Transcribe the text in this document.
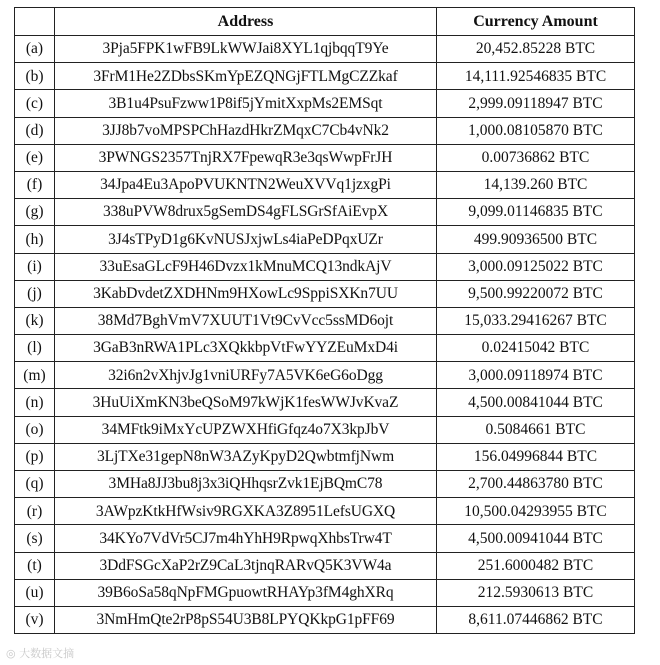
	Address	Currency Amount
(a)	3Pja5FPK1wFB9LkWWJai8XYL1qjbqqT9Ye	20,452.85228 BTC
(b)	3FrM1He2ZDbsSKmYpEZQNGjFTLMgCZZkaf	14,111.92546835 BTC
(c)	3B1u4PsuFzww1P8if5jYmitXxpMs2EMSqt	2,999.09118947 BTC
(d)	3JJ8b7voMPSPChHazdHkrZMqxC7Cb4vNk2	1,000.08105870 BTC
(e)	3PWNGS2357TnjRX7FpewqR3e3qsWwpFrJH	0.00736862 BTC
(f)	34Jpa4Eu3ApoPVUKNTN2WeuXVVq1jzxgPi	14,139.260 BTC
(g)	338uPVW8drux5gSemDS4gFLSGrSfAiEvpX	9,099.01146835 BTC
(h)	3J4sTPyD1g6KvNUSJxjwLs4iaPeDPqxUZr	499.90936500 BTC
(i)	33uEsaGLcF9H46Dvzx1kMnuMCQ13ndkAjV	3,000.09125022 BTC
(j)	3KabDvdetZXDHNm9HXowLc9SppiSXKn7UU	9,500.99220072 BTC
(k)	38Md7BghVmV7XUUT1Vt9CvVcc5ssMD6ojt	15,033.29416267 BTC
(l)	3GaB3nRWA1PLc3XQkkbpVtFwYYZEuMxD4i	0.02415042 BTC
(m)	32i6n2vXhjvJg1vniURFy7A5VK6eG6oDgg	3,000.09118974 BTC
(n)	3HuUiXmKN3beQSoM97kWjK1fesWWJvKvaZ	4,500.00841044 BTC
(o)	34MFtk9iMxYcUPZWXHfiGfqz4o7X3kpJbV	0.5084661 BTC
(p)	3LjTXe31gepN8nW3AZyKpyD2QwbtmfjNwm	156.04996844 BTC
(q)	3MHa8JJ3bu8j3x3iQHhqsrZvk1EjBQmC78	2,700.44863780 BTC
(r)	3AWpzKtkHfWsiv9RGXKA3Z8951LefsUGXQ	10,500.04293955 BTC
(s)	34KYo7VdVr5CJ7m4hYhH9RpwqXhbsTrw4T	4,500.00941044 BTC
(t)	3DdFSGcXaP2rZ9CaL3tjnqRARvQ5K3VW4a	251.6000482 BTC
(u)	39B6oSa58qNpFMGpuowtRHAYp3fM4ghXRq	212.5930613 BTC
(v)	3NmHmQte2rP8pS54U3B8LPYQKkpG1pFF69	8,611.07446862 BTC
◎ 大数据文摘
